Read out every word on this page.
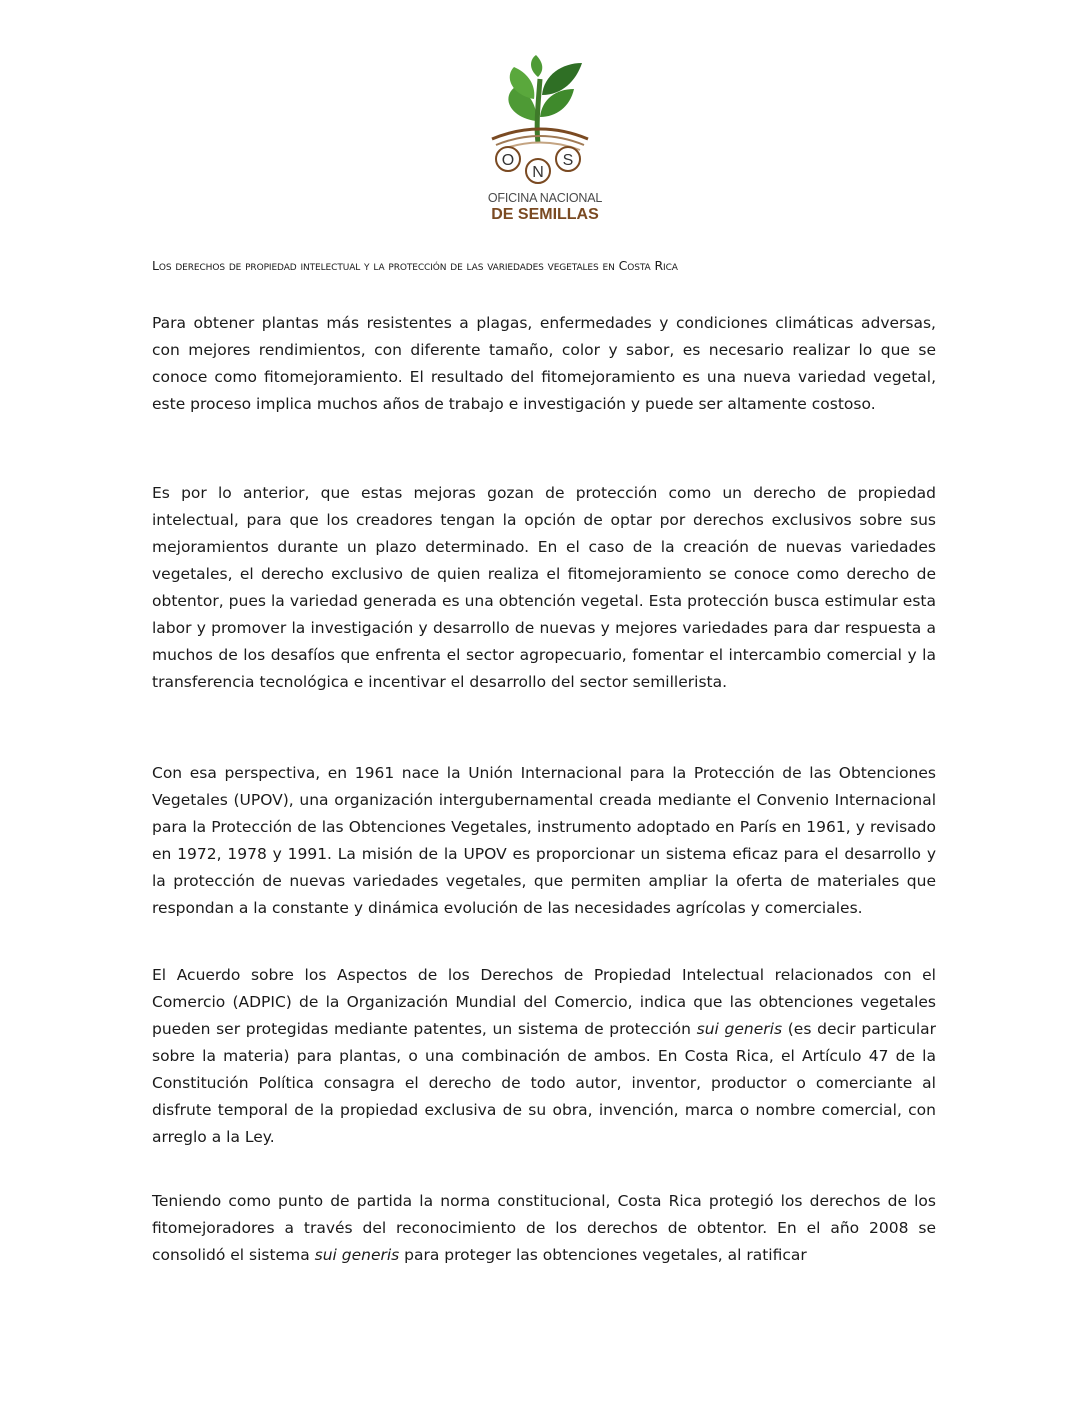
O
N
S
OFICINA NACIONAL
DE SEMILLAS
Los derechos de propiedad intelectual y la protección de las variedades vegetales en Costa Rica

Para obtener plantas más resistentes a plagas, enfermedades y condiciones climáticas adversas, con mejores rendimientos, con diferente tamaño, color y sabor, es necesario realizar lo que se conoce como fitomejoramiento. El resultado del fitomejoramiento es una nueva variedad vegetal, este proceso implica muchos años de trabajo e investigación y puede ser altamente costoso.

Es por lo anterior, que estas mejoras gozan de protección como un derecho de propiedad intelectual, para que los creadores tengan la opción de optar por derechos exclusivos sobre sus mejoramientos durante un plazo determinado. En el caso de la creación de nuevas variedades vegetales, el derecho exclusivo de quien realiza el fitomejoramiento se conoce como derecho de obtentor, pues la variedad generada es una obtención vegetal. Esta protección busca estimular esta labor y promover la investigación y desarrollo de nuevas y mejores variedades para dar respuesta a muchos de los desafíos que enfrenta el sector agropecuario, fomentar el intercambio comercial y la transferencia tecnológica e incentivar el desarrollo del sector semillerista.

Con esa perspectiva, en 1961 nace la Unión Internacional para la Protección de las Obtenciones Vegetales (UPOV), una organización intergubernamental creada mediante el Convenio Internacional para la Protección de las Obtenciones Vegetales, instrumento adoptado en París en 1961, y revisado en 1972, 1978 y 1991. La misión de la UPOV es proporcionar un sistema eficaz para el desarrollo y la protección de nuevas variedades vegetales, que permiten ampliar la oferta de materiales que respondan a la constante y dinámica evolución de las necesidades agrícolas y comerciales.

El Acuerdo sobre los Aspectos de los Derechos de Propiedad Intelectual relacionados con el Comercio (ADPIC) de la Organización Mundial del Comercio, indica que las obtenciones vegetales pueden ser protegidas mediante patentes, un sistema de protección sui generis (es decir particular sobre la materia) para plantas, o una combinación de ambos. En Costa Rica, el Artículo 47 de la Constitución Política consagra el derecho de todo autor, inventor, productor o comerciante al disfrute temporal de la propiedad exclusiva de su obra, invención, marca o nombre comercial, con arreglo a la Ley.

Teniendo como punto de partida la norma constitucional, Costa Rica protegió los derechos de los fitomejoradores a través del reconocimiento de los derechos de obtentor. En el año 2008 se consolidó el sistema sui generis para proteger las obtenciones vegetales, al ratificar
